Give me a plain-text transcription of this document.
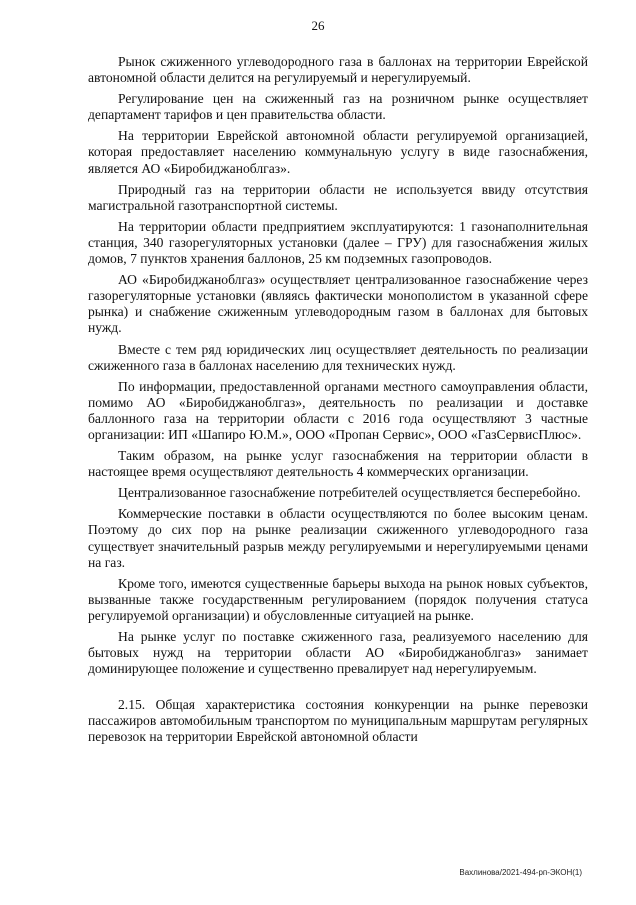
26

Рынок сжиженного углеводородного газа в баллонах на территории Еврейской автономной области делится на регулируемый и нерегулируемый.

Регулирование цен на сжиженный газ на розничном рынке осуществляет департамент тарифов и цен правительства области.

На территории Еврейской автономной области регулируемой организацией, которая предоставляет населению коммунальную услугу в виде газоснабжения, является АО «Биробиджаноблгаз».

Природный газ на территории области не используется ввиду отсутствия магистральной газотранспортной системы.

На территории области предприятием эксплуатируются: 1 газонаполнительная станция, 340 газорегуляторных установки (далее – ГРУ) для газоснабжения жилых домов, 7 пунктов хранения баллонов, 25 км подземных газопроводов.

АО «Биробиджаноблгаз» осуществляет централизованное газоснабжение через газорегуляторные установки (являясь фактически монополистом в указанной сфере рынка) и снабжение сжиженным углеводородным газом в баллонах для бытовых нужд.

Вместе с тем ряд юридических лиц осуществляет деятельность по реализации сжиженного газа в баллонах населению для технических нужд.

По информации, предоставленной органами местного самоуправления области, помимо АО «Биробиджаноблгаз», деятельность по реализации и доставке баллонного газа на территории области с 2016 года осуществляют 3 частные организации: ИП «Шапиро Ю.М.», ООО «Пропан Сервис», ООО «ГазСервисПлюс».

Таким образом, на рынке услуг газоснабжения на территории области в настоящее время осуществляют деятельность 4 коммерческих организации.

Централизованное газоснабжение потребителей осуществляется бесперебойно.

Коммерческие поставки в области осуществляются по более высоким ценам. Поэтому до сих пор на рынке реализации сжиженного углеводородного газа существует значительный разрыв между регулируемыми и нерегулируемыми ценами на газ.

Кроме того, имеются существенные барьеры выхода на рынок новых субъектов, вызванные также государственным регулированием (порядок получения статуса регулируемой организации) и обусловленные ситуацией на рынке.

На рынке услуг по поставке сжиженного газа, реализуемого населению для бытовых нужд на территории области АО «Биробиджаноблгаз» занимает доминирующее положение и существенно превалирует над нерегулируемым.

2.15. Общая характеристика состояния конкуренции на рынке перевозки пассажиров автомобильным транспортом по муниципальным маршрутам регулярных перевозок на территории Еврейской автономной области

Вахлинова/2021-494-рп-ЭКОН(1)
